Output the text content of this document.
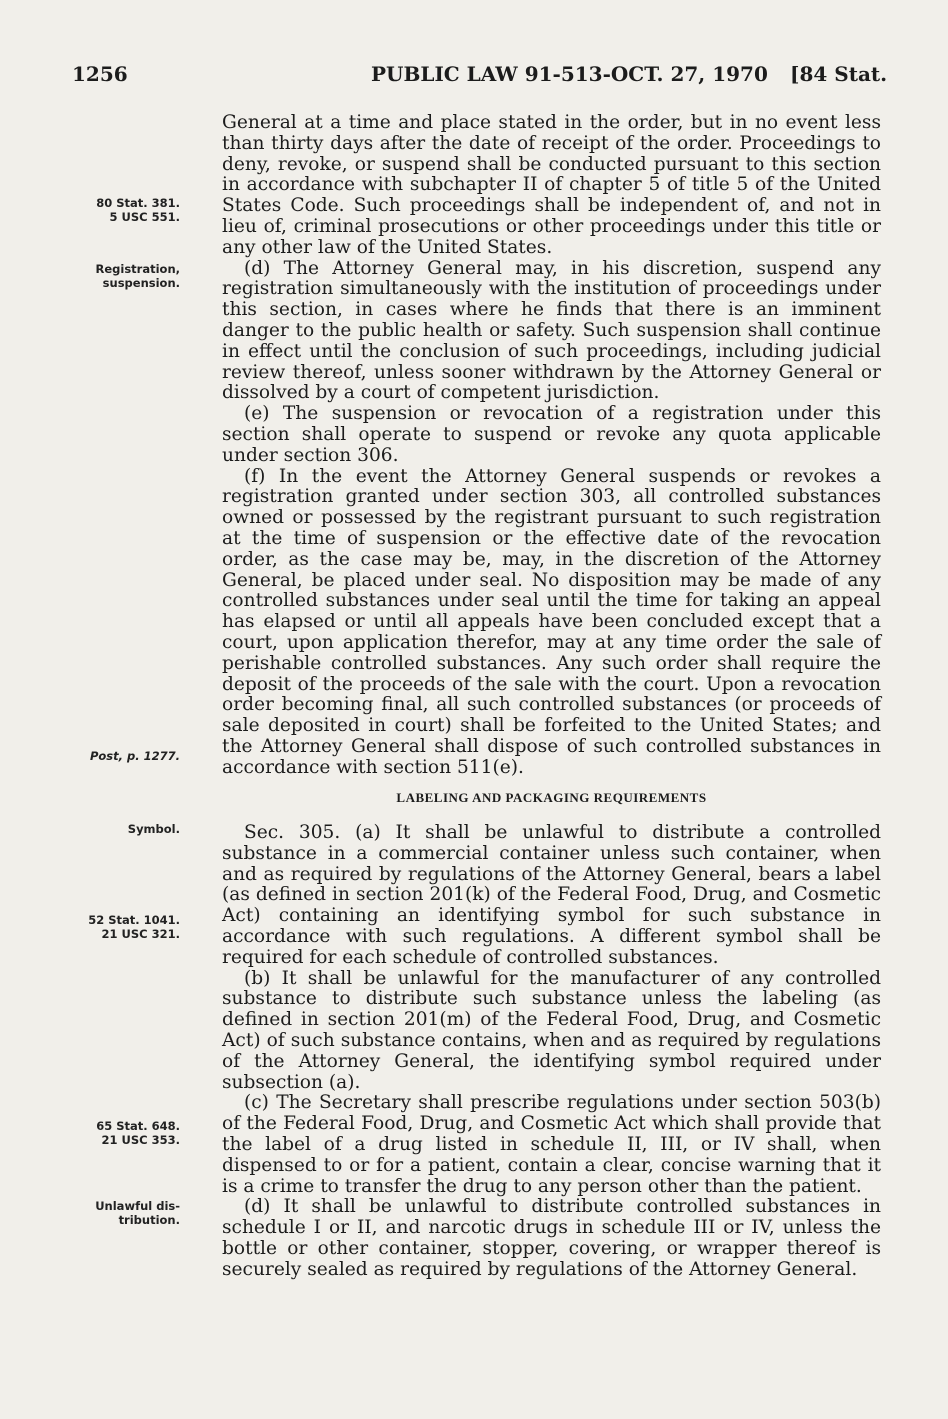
1256	PUBLIC LAW 91-513-OCT. 27, 1970 [84 Stat.
80 Stat. 381.
5 USC 551.
Registration,
suspension.
Post, p. 1277.
Symbol.
52 Stat. 1041.
21 USC 321.
65 Stat. 648.
21 USC 353.
Unlawful dis-
tribution.

General at a time and place stated in the order, but in no event less than thirty days after the date of receipt of the order. Proceedings to deny, revoke, or suspend shall be conducted pursuant to this section in accordance with subchapter II of chapter 5 of title 5 of the United States Code. Such proceedings shall be independent of, and not in lieu of, criminal prosecutions or other proceedings under this title or any other law of the United States.

(d) The Attorney General may, in his discretion, suspend any registration simultaneously with the institution of proceedings under this section, in cases where he finds that there is an imminent danger to the public health or safety. Such suspension shall continue in effect until the conclusion of such proceedings, including judicial review thereof, unless sooner withdrawn by the Attorney General or dissolved by a court of competent jurisdiction.

(e) The suspension or revocation of a registration under this section shall operate to suspend or revoke any quota applicable under section 306.

(f) In the event the Attorney General suspends or revokes a registration granted under section 303, all controlled substances owned or possessed by the registrant pursuant to such registration at the time of suspension or the effective date of the revocation order, as the case may be, may, in the discretion of the Attorney General, be placed under seal. No disposition may be made of any controlled substances under seal until the time for taking an appeal has elapsed or until all appeals have been concluded except that a court, upon application therefor, may at any time order the sale of perishable controlled substances. Any such order shall require the deposit of the proceeds of the sale with the court. Upon a revocation order becoming final, all such controlled substances (or proceeds of sale deposited in court) shall be forfeited to the United States; and the Attorney General shall dispose of such controlled substances in accordance with section 511(e).

LABELING AND PACKAGING REQUIREMENTS

Sec. 305. (a) It shall be unlawful to distribute a controlled substance in a commercial container unless such container, when and as required by regulations of the Attorney General, bears a label (as defined in section 201(k) of the Federal Food, Drug, and Cosmetic Act) containing an identifying symbol for such substance in accordance with such regulations. A different symbol shall be required for each schedule of controlled substances.

(b) It shall be unlawful for the manufacturer of any controlled substance to distribute such substance unless the labeling (as defined in section 201(m) of the Federal Food, Drug, and Cosmetic Act) of such substance contains, when and as required by regulations of the Attorney General, the identifying symbol required under subsection (a).

(c) The Secretary shall prescribe regulations under section 503(b) of the Federal Food, Drug, and Cosmetic Act which shall provide that the label of a drug listed in schedule II, III, or IV shall, when dispensed to or for a patient, contain a clear, concise warning that it is a crime to transfer the drug to any person other than the patient.

(d) It shall be unlawful to distribute controlled substances in schedule I or II, and narcotic drugs in schedule III or IV, unless the bottle or other container, stopper, covering, or wrapper thereof is securely sealed as required by regulations of the Attorney General.
